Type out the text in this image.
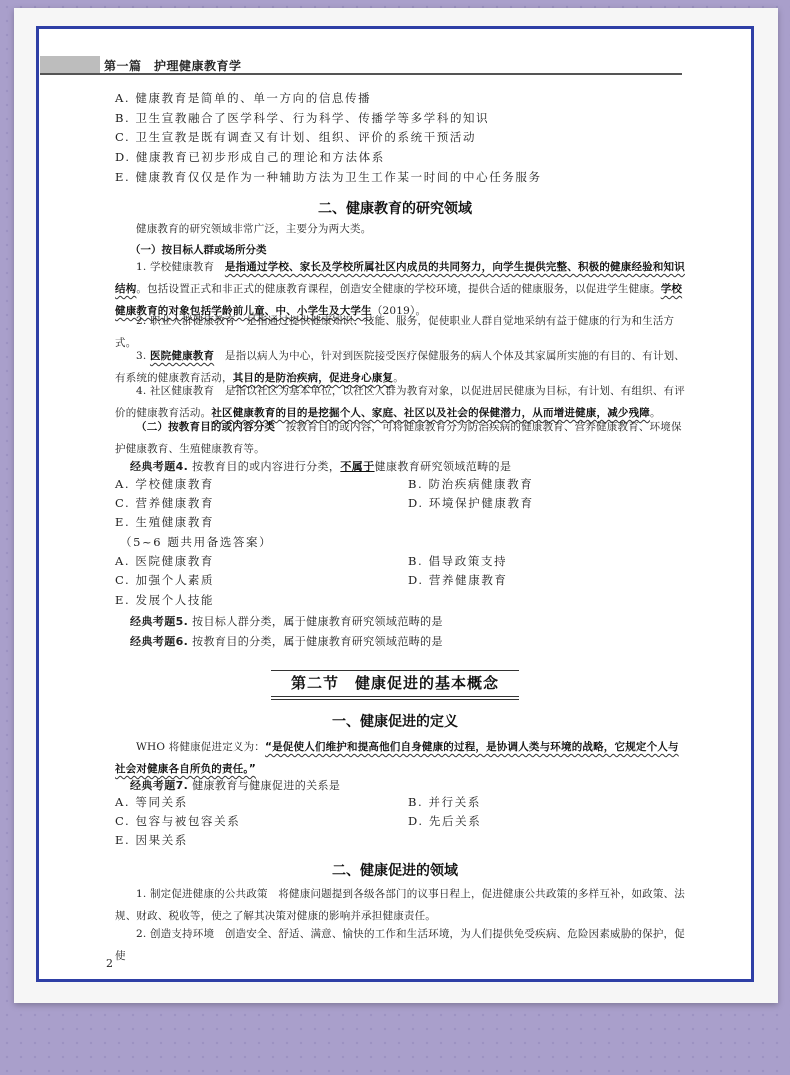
第一篇　 护理健康教育学
A. 健康教育是简单的、单一方向的信息传播
B. 卫生宣教融合了医学科学、行为科学、传播学等多学科的知识
C. 卫生宣教是既有调查又有计划、组织、评价的系统干预活动
D. 健康教育已初步形成自己的理论和方法体系
E. 健康教育仅仅是作为一种辅助方法为卫生工作某一时间的中心任务服务
二、健康教育的研究领域
健康教育的研究领域非常广泛，主要分为两大类。
（一）按目标人群或场所分类
1. 学校健康教育　是指通过学校、家长及学校所属社区内成员的共同努力，向学生提供完整、积极的健康经验和知识结构。包括设置正式和非正式的健康教育课程，创造安全健康的学校环境，提供合适的健康服务，以促进学生健康。学校健康教育的对象包括学龄前儿童、中、小学生及大学生（2019）。
2. 职业人群健康教育　是指通过提供健康知识、技能、服务，促使职业人群自觉地采纳有益于健康的行为和生活方式。
3. 医院健康教育　是指以病人为中心，针对到医院接受医疗保健服务的病人个体及其家属所实施的有目的、有计划、有系统的健康教育活动，其目的是防治疾病，促进身心康复。
4. 社区健康教育　是指以社区为基本单位，以社区人群为教育对象，以促进居民健康为目标，有计划、有组织、有评价的健康教育活动。社区健康教育的目的是挖掘个人、家庭、社区以及社会的保健潜力，从而增进健康，减少残障。
（二）按教育目的或内容分类　按教育目的或内容，可将健康教育分为防治疾病的健康教育、营养健康教育、环境保护健康教育、生殖健康教育等。
经典考题4. 按教育目的或内容进行分类，不属于健康教育研究领域范畴的是
A. 学校健康教育	B. 防治疾病健康教育
C. 营养健康教育	D. 环境保护健康教育
E. 生殖健康教育
（5~6 题共用备选答案）
A. 医院健康教育	B. 倡导政策支持
C. 加强个人素质	D. 营养健康教育
E. 发展个人技能
经典考题5. 按目标人群分类，属于健康教育研究领域范畴的是
经典考题6. 按教育目的分类，属于健康教育研究领域范畴的是
第二节　健康促进的基本概念
一、健康促进的定义
WHO 将健康促进定义为：“是促使人们维护和提高他们自身健康的过程，是协调人类与环境的战略，它规定个人与社会对健康各自所负的责任。”
经典考题7. 健康教育与健康促进的关系是
A. 等同关系	B. 并行关系
C. 包容与被包容关系	D. 先后关系
E. 因果关系
二、健康促进的领域
1. 制定促进健康的公共政策　将健康问题提到各级各部门的议事日程上，促进健康公共政策的多样互补，如政策、法规、财政、税收等，使之了解其决策对健康的影响并承担健康责任。
2. 创造支持环境　创造安全、舒适、满意、愉快的工作和生活环境，为人们提供免受疾病、危险因素威胁的保护，促使
2
